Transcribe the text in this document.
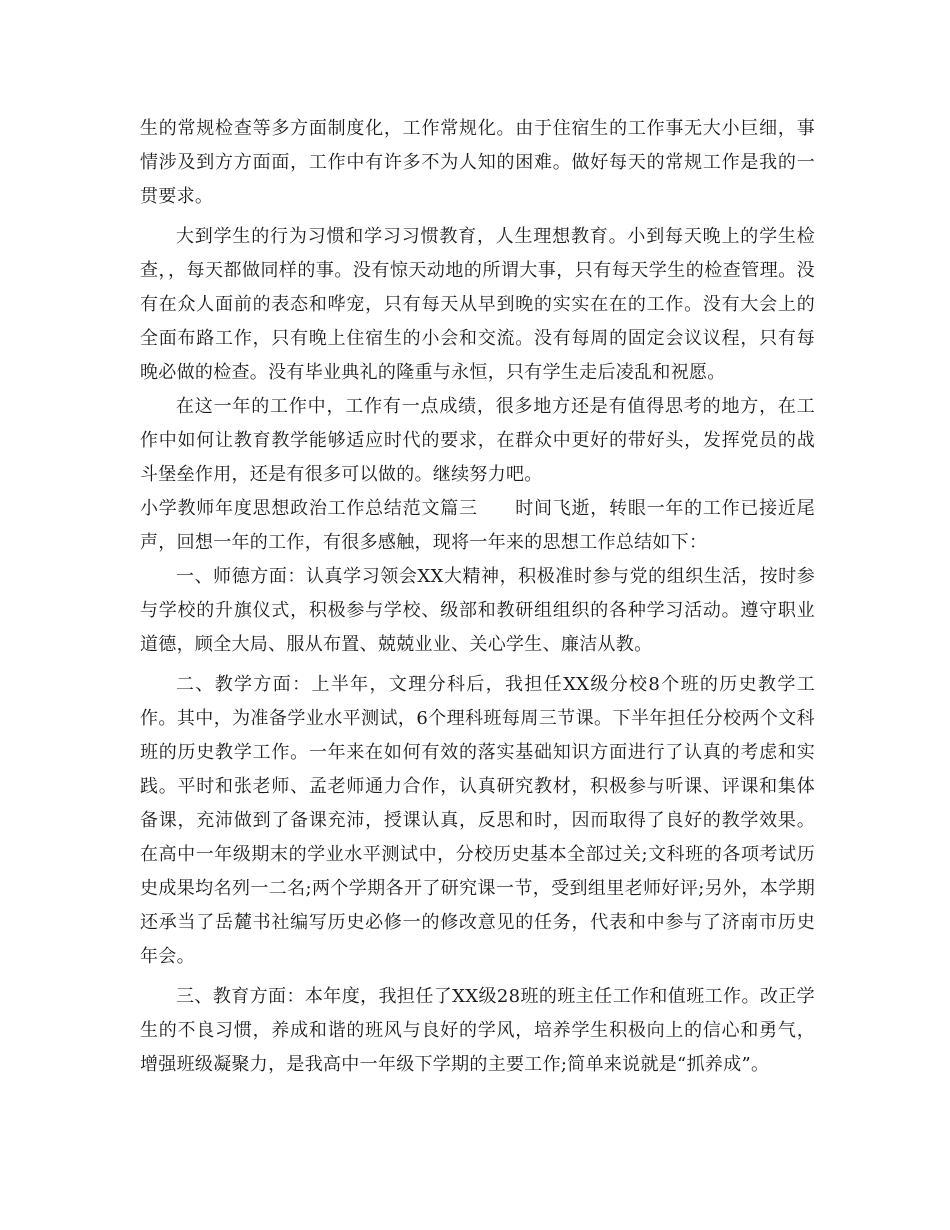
生的常规检查等多方面制度化，工作常规化。由于住宿生的工作事无大小巨细，事情涉及到方方面面，工作中有许多不为人知的困难。做好每天的常规工作是我的一贯要求。

大到学生的行为习惯和学习习惯教育，人生理想教育。小到每天晚上的学生检查，，每天都做同样的事。没有惊天动地的所谓大事，只有每天学生的检查管理。没有在众人面前的表态和哗宠，只有每天从早到晚的实实在在的工作。没有大会上的全面布路工作，只有晚上住宿生的小会和交流。没有每周的固定会议议程，只有每晚必做的检查。没有毕业典礼的隆重与永恒，只有学生走后凌乱和祝愿。

在这一年的工作中，工作有一点成绩，很多地方还是有值得思考的地方，在工作中如何让教育教学能够适应时代的要求，在群众中更好的带好头，发挥党员的战斗堡垒作用，还是有很多可以做的。继续努力吧。

小学教师年度思想政治工作总结范文篇三　　时间飞逝，转眼一年的工作已接近尾声，回想一年的工作，有很多感触，现将一年来的思想工作总结如下：

一、师德方面：认真学习领会XX大精神，积极准时参与党的组织生活，按时参与学校的升旗仪式，积极参与学校、级部和教研组组织的各种学习活动。遵守职业道德，顾全大局、服从布置、兢兢业业、关心学生、廉洁从教。

二、教学方面：上半年，文理分科后，我担任XX级分校8个班的历史教学工作。其中，为准备学业水平测试，6个理科班每周三节课。下半年担任分校两个文科班的历史教学工作。一年来在如何有效的落实基础知识方面进行了认真的考虑和实践。平时和张老师、孟老师通力合作，认真研究教材，积极参与听课、评课和集体备课，充沛做到了备课充沛，授课认真，反思和时，因而取得了良好的教学效果。在高中一年级期末的学业水平测试中，分校历史基本全部过关;文科班的各项考试历史成果均名列一二名;两个学期各开了研究课一节，受到组里老师好评;另外，本学期还承当了岳麓书社编写历史必修一的修改意见的任务，代表和中参与了济南市历史年会。

三、教育方面：本年度，我担任了XX级28班的班主任工作和值班工作。改正学生的不良习惯，养成和谐的班风与良好的学风，培养学生积极向上的信心和勇气，增强班级凝聚力，是我高中一年级下学期的主要工作;简单来说就是“抓养成”。
